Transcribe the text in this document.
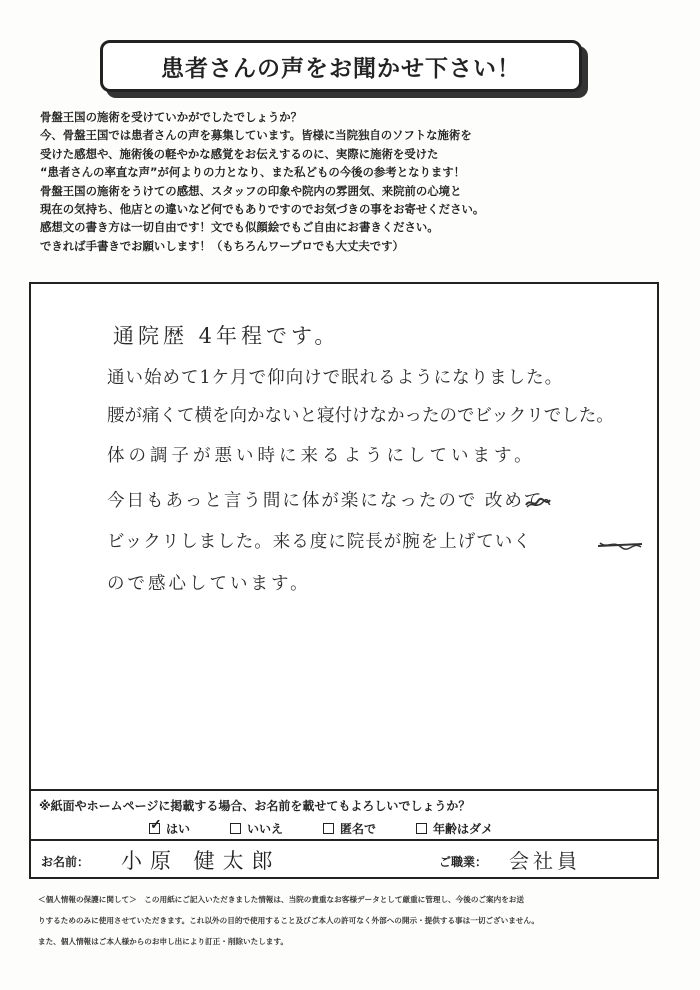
患者さんの声をお聞かせ下さい！
骨盤王国の施術を受けていかがでしたでしょうか？
今、骨盤王国では患者さんの声を募集しています。皆様に当院独自のソフトな施術を
受けた感想や、施術後の軽やかな感覚をお伝えするのに、実際に施術を受けた
“患者さんの率直な声”が何よりの力となり、また私どもの今後の参考となります！
骨盤王国の施術をうけての感想、スタッフの印象や院内の雰囲気、来院前の心境と
現在の気持ち、他店との違いなど何でもありですのでお気づきの事をお寄せください。
感想文の書き方は一切自由です！文でも似顔絵でもご自由にお書きください。
できれば手書きでお願いします！（もちろんワープロでも大丈夫です）
通院歴 4年程です。
通い始めて1ケ月で仰向けで眠れるようになりました。
腰が痛くて横を向かないと寝付けなかったのでビックリでした。
体の調子が悪い時に来るようにしています。
今日もあっと言う間に体が楽になったので 改めて
ビックリしました。来る度に院長が腕を上げていく
ので感心しています。
※紙面やホームページに掲載する場合、お名前を載せてもよろしいでしょうか？
✓ はい	いいえ	匿名で	年齢はダメ
お名前： 小原 健太郎	ご職業： 会社員
＜個人情報の保護に関して＞　この用紙にご記入いただきました情報は、当院の貴重なお客様データとして厳重に管理し、今後のご案内をお送
りするためのみに使用させていただきます。これ以外の目的で使用すること及びご本人の許可なく外部への開示・提供する事は一切ございません。
また、個人情報はご本人様からのお申し出により訂正・削除いたします。
